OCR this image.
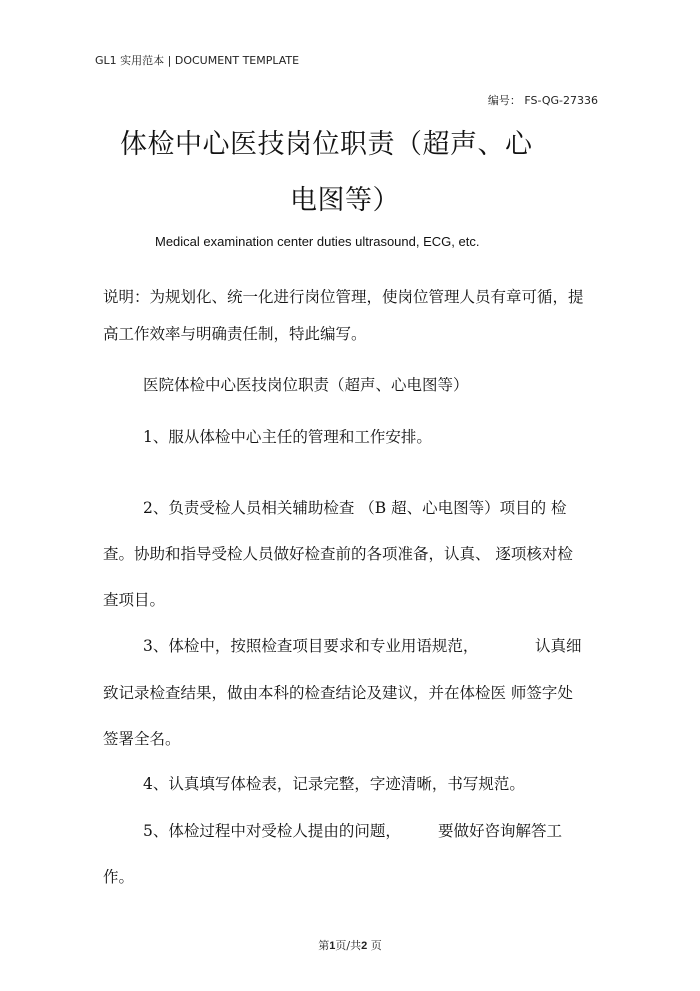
GL1 实用范本 | DOCUMENT TEMPLATE
编号： FS-QG-27336
体检中心医技岗位职责（超声、心
电图等）
Medical examination center duties ultrasound, ECG, etc.
说明：为规划化、统一化进行岗位管理，使岗位管理人员有章可循，提
高工作效率与明确责任制，特此编写。
医院体检中心医技岗位职责（超声、心电图等）
1、服从体检中心主任的管理和工作安排。
2、负责受检人员相关辅助检查 （B 超、心电图等）项目的 检
查。协助和指导受检人员做好检查前的各项准备，认真、 逐项核对检
查项目。
3、体检中，按照检查项目要求和专业用语规范，	认真细
致记录检查结果，做由本科的检查结论及建议，并在体检医 师签字处
签署全名。
4、认真填写体检表，记录完整，字迹清晰，书写规范。
5、体检过程中对受检人提由的问题， 要做好咨询解答工
作。
第1页/共2 页
